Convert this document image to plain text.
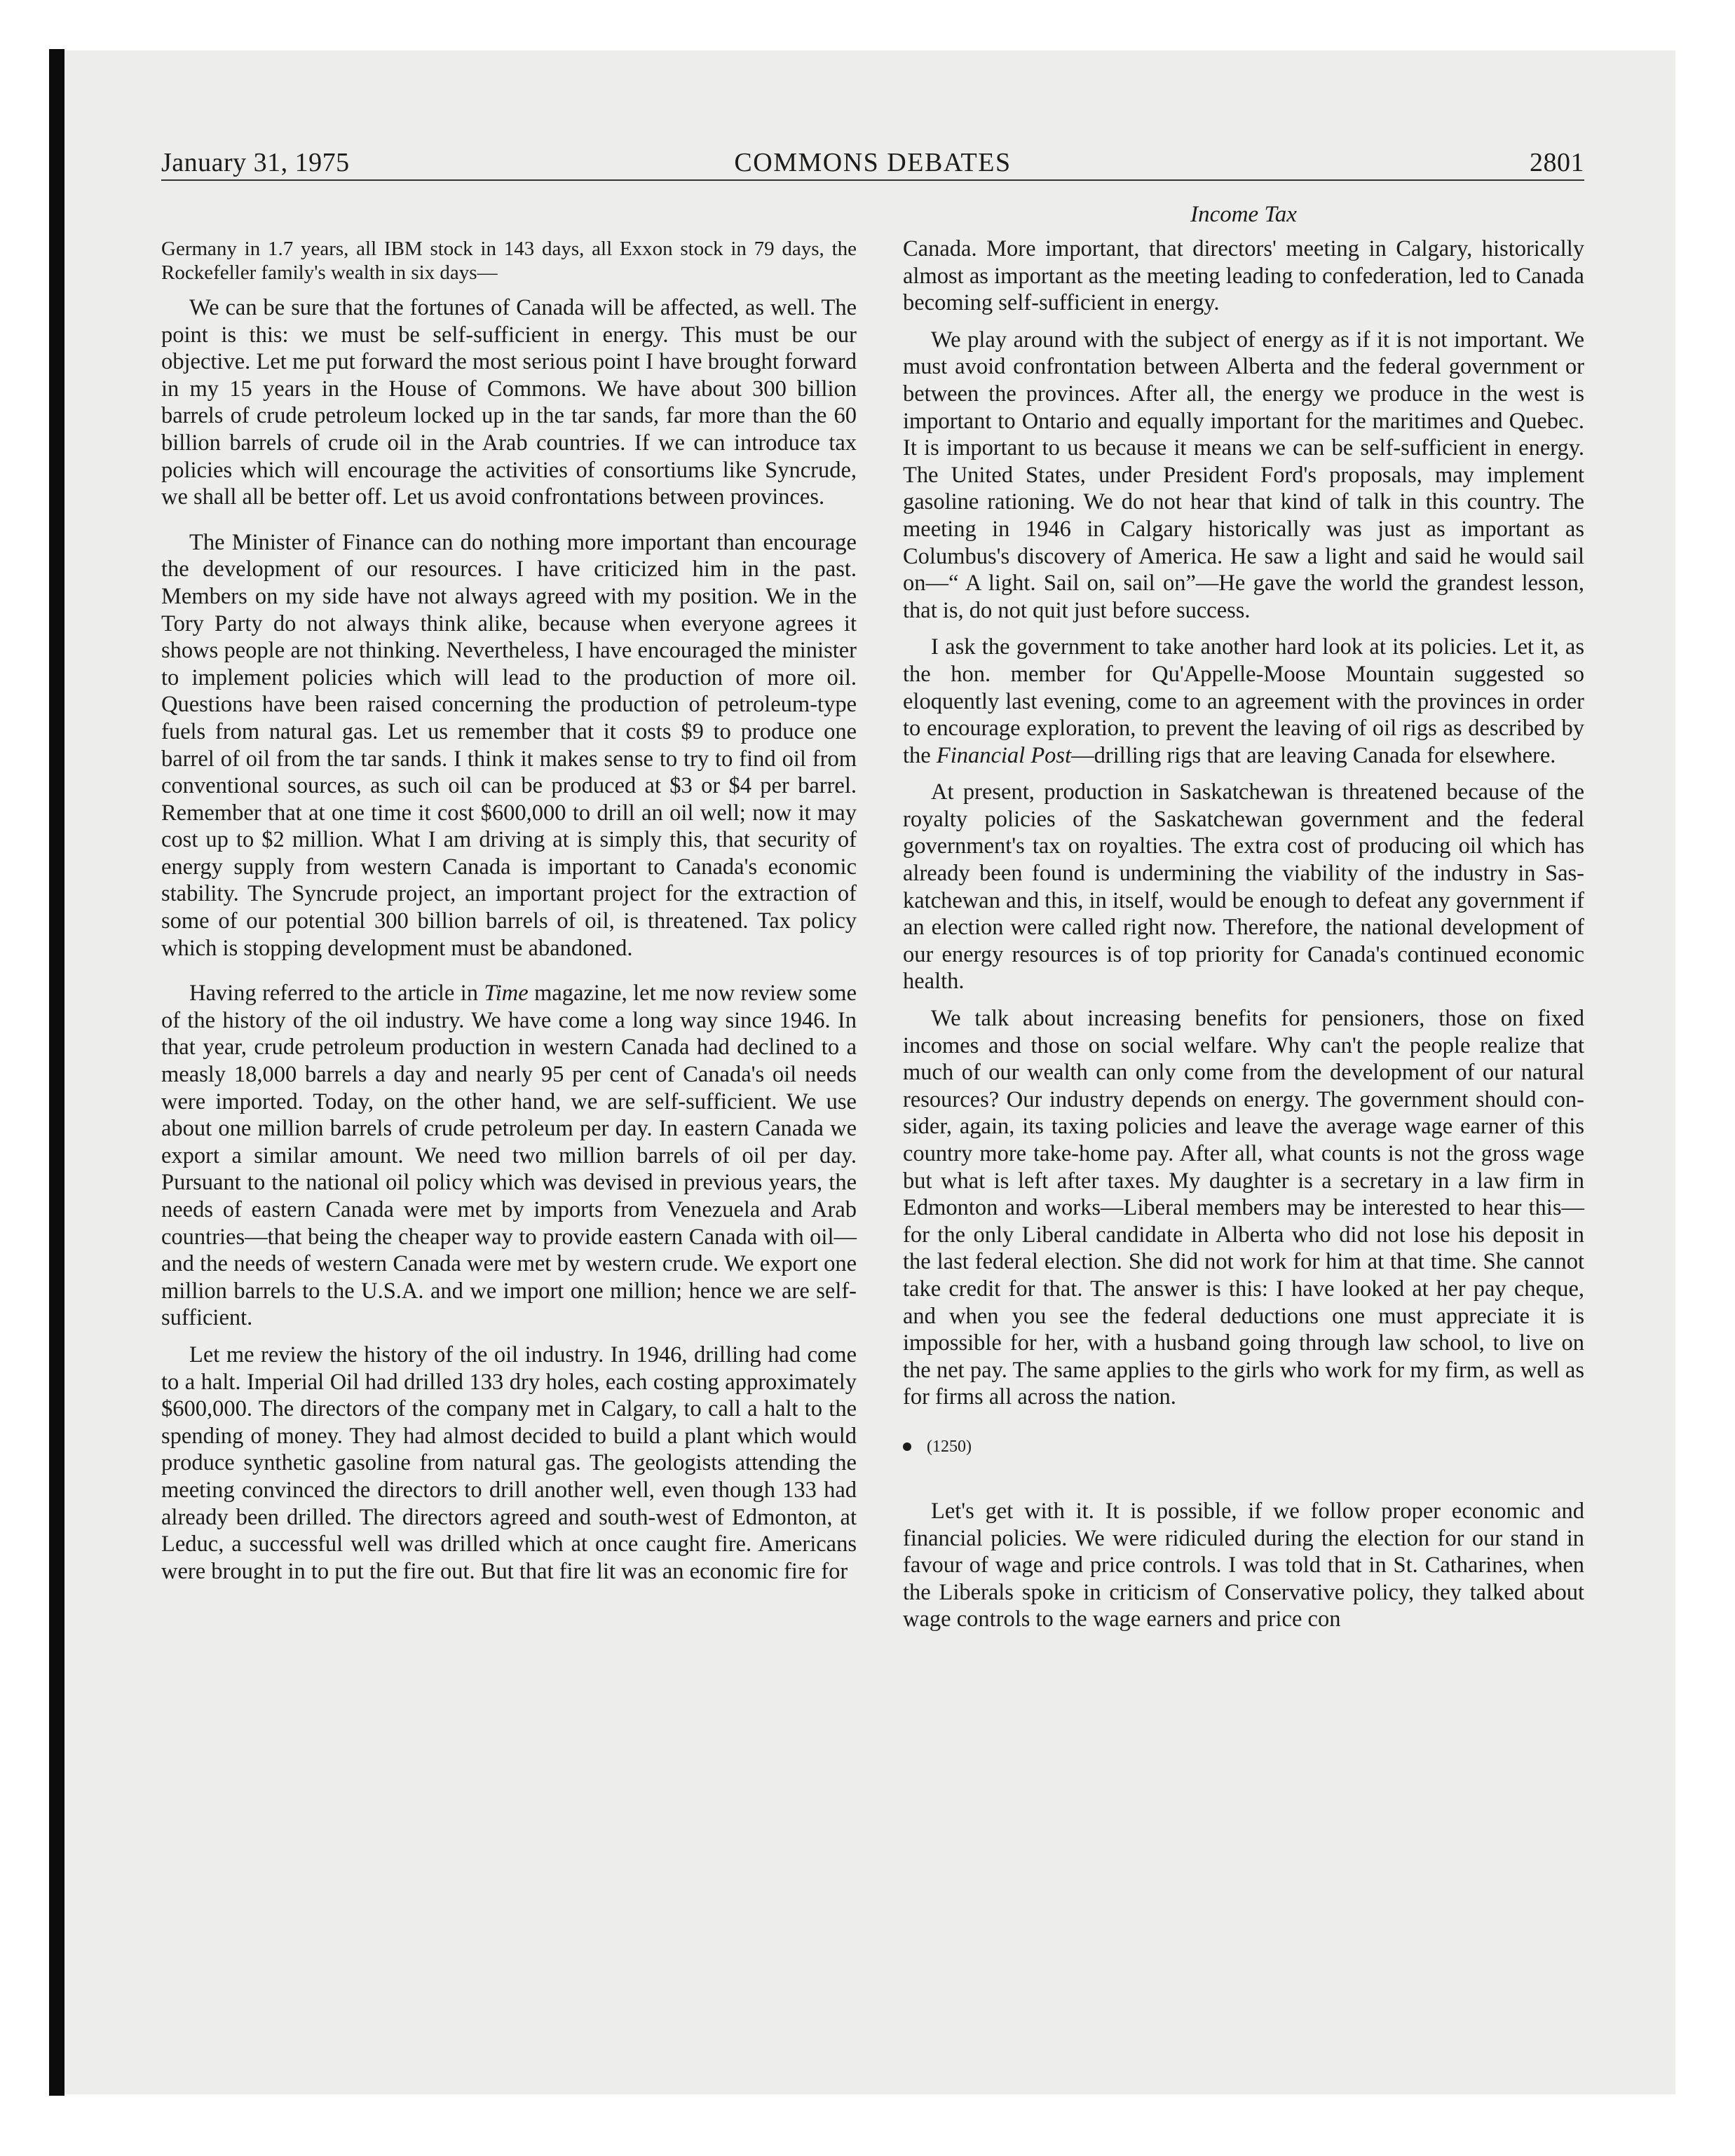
January 31, 1975	COMMONS DEBATES	2801
Income Tax

Germany in 1.7 years, all IBM stock in 143 days, all Exxon stock in 79 days, the Rockefeller family's wealth in six days—

We can be sure that the fortunes of Canada will be affected, as well. The point is this: we must be self-sufficient in energy. This must be our objective. Let me put forward the most serious point I have brought forward in my 15 years in the House of Commons. We have about 300 billion barrels of crude petroleum locked up in the tar sands, far more than the 60 billion barrels of crude oil in the Arab countries. If we can introduce tax policies which will encourage the activities of consortiums like Syncrude, we shall all be better off. Let us avoid confrontations between provinces.

The Minister of Finance can do nothing more important than encourage the development of our resources. I have criticized him in the past. Members on my side have not always agreed with my position. We in the Tory Party do not always think alike, because when everyone agrees it shows people are not thinking. Nevertheless, I have encouraged the minister to implement policies which will lead to the production of more oil. Questions have been raised concerning the production of petroleum-type fuels from natural gas. Let us remember that it costs $9 to produce one barrel of oil from the tar sands. I think it makes sense to try to find oil from conventional sources, as such oil can be produced at $3 or $4 per barrel. Remember that at one time it cost $600,000 to drill an oil well; now it may cost up to $2 million. What I am driving at is simply this, that security of energy supply from western Canada is important to Canada's economic stability. The Syncrude project, an important project for the extraction of some of our potential 300 billion barrels of oil, is threatened. Tax policy which is stopping development must be abandoned.

Having referred to the article in Time magazine, let me now review some of the history of the oil industry. We have come a long way since 1946. In that year, crude petroleum production in western Canada had declined to a measly 18,000 barrels a day and nearly 95 per cent of Canada's oil needs were imported. Today, on the other hand, we are self-sufficient. We use about one million barrels of crude petroleum per day. In eastern Canada we export a similar amount. We need two million barrels of oil per day. Pursuant to the national oil policy which was devised in previous years, the needs of eastern Canada were met by imports from Venezuela and Arab countries—that being the cheaper way to provide eastern Canada with oil—and the needs of western Canada were met by western crude. We export one million barrels to the U.S.A. and we import one million; hence we are self-sufficient.

Let me review the history of the oil industry. In 1946, drilling had come to a halt. Imperial Oil had drilled 133 dry holes, each costing approximately $600,000. The directors of the company met in Calgary, to call a halt to the spending of money. They had almost decided to build a plant which would produce synthetic gasoline from natural gas. The geologists attending the meeting convinced the directors to drill another well, even though 133 had already been drilled. The directors agreed and south-west of Edmonton, at Leduc, a successful well was drilled which at once caught fire. Americans were brought in to put the fire out. But that fire lit was an economic fire for

Canada. More important, that directors' meeting in Calgary, historically almost as important as the meeting leading to confederation, led to Canada becoming self-sufficient in energy.

We play around with the subject of energy as if it is not important. We must avoid confrontation between Alberta and the federal government or between the provinces. After all, the energy we produce in the west is important to Ontario and equally important for the maritimes and Quebec. It is important to us because it means we can be self-sufficient in energy. The United States, under President Ford's proposals, may implement gasoline rationing. We do not hear that kind of talk in this country. The meeting in 1946 in Calgary historically was just as important as Columbus's discovery of America. He saw a light and said he would sail on—“ A light. Sail on, sail on”—He gave the world the grandest lesson, that is, do not quit just before success.

I ask the government to take another hard look at its policies. Let it, as the hon. member for Qu'Appelle-Moose Mountain suggested so eloquently last evening, come to an agreement with the provinces in order to encourage exploration, to prevent the leaving of oil rigs as described by the Financial Post—drilling rigs that are leaving Canada for elsewhere.

At present, production in Saskatchewan is threatened because of the royalty policies of the Saskatchewan government and the federal government's tax on royalties. The extra cost of producing oil which has already been found is undermining the viability of the industry in Saskatchewan and this, in itself, would be enough to defeat any government if an election were called right now. Therefore, the national development of our energy resources is of top priority for Canada's continued economic health.

We talk about increasing benefits for pensioners, those on fixed incomes and those on social welfare. Why can't the people realize that much of our wealth can only come from the development of our natural resources? Our industry depends on energy. The government should consider, again, its taxing policies and leave the average wage earner of this country more take-home pay. After all, what counts is not the gross wage but what is left after taxes. My daughter is a secretary in a law firm in Edmonton and works—Liberal members may be interested to hear this—for the only Liberal candidate in Alberta who did not lose his deposit in the last federal election. She did not work for him at that time. She cannot take credit for that. The answer is this: I have looked at her pay cheque, and when you see the federal deductions one must appreciate it is impossible for her, with a husband going through law school, to live on the net pay. The same applies to the girls who work for my firm, as well as for firms all across the nation.

(1250)

Let's get with it. It is possible, if we follow proper economic and financial policies. We were ridiculed during the election for our stand in favour of wage and price controls. I was told that in St. Catharines, when the Liberals spoke in criticism of Conservative policy, they talked about wage controls to the wage earners and price con
